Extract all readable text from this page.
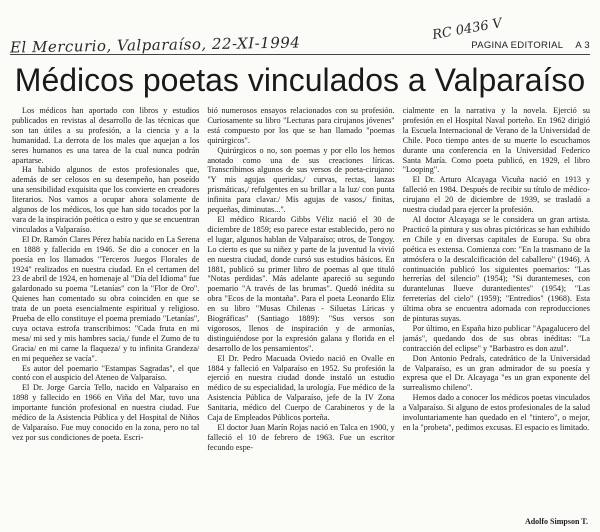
El Mercurio, Valparaíso, 22-XI-1994
RC 0436 V
PAGINA EDITORIAL A 3
Médicos poetas vinculados a Valparaíso

Los médicos han aportado con libros y estudios publicados en revistas al desarrollo de las técnicas que son tan útiles a su profesión, a la ciencia y a la humanidad. La derrota de los males que aquejan a los seres humanos es una tarea de la cual nunca podrán apartarse.

Ha habido algunos de estos profesionales que, además de ser celosos en su desempeño, han poseído una sensibilidad exquisita que los convierte en creadores literarios. Nos vamos a ocupar ahora solamente de algunos de los médicos, los que han sido tocados por la vara de la inspiración poética o estro y que se encuentran vinculados a Valparaíso.

El Dr. Ramón Clares Pérez había nacido en La Serena en 1888 y fallecido en 1946. Se dio a conocer en la poesía en los llamados "Terceros Juegos Florales de 1924" realizados en nuestra ciudad. En el certamen del 23 de abril de 1924, en homenaje al "Día del Idioma" fue galardonado su poema "Letanías" con la "Flor de Oro". Quienes han comentado su obra coinciden en que se trata de un poeta esencialmente espiritual y religioso. Prueba de ello constituye el poema premiado "Letanías", cuya octava estrofa transcribimos: "Cada fruta en mi mesa/ mi sed y mis hambres sacia,/ funde el Zumo de tu Gracia/ en mi carne la flaqueza/ y tu infinita Grandeza/ en mi pequeñez se vacía".

Es autor del poemario "Estampas Sagradas", el que contó con el auspicio del Ateneo de Valparaíso.

El Dr. Jorge García Tello, nacido en Valparaíso en 1898 y fallecido en 1966 en Viña del Mar, tuvo una importante función profesional en nuestra ciudad. Fue médico de la Asistencia Pública y del Hospital de Niños de Valparaíso. Fue muy conocido en la zona, pero no tal vez por sus condiciones de poeta. Escri-

bió numerosos ensayos relacionados con su profesión. Curiosamente su libro "Lecturas para cirujanos jóvenes" está compuesto por los que se han llamado "poemas quirúrgicos".

Quirúrgicos o no, son poemas y por ello los hemos anotado como una de sus creaciones líricas. Transcribimos algunos de sus versos de poeta-cirujano: "Y mis agujas queridas,/ curvas, rectas, lanzas prismáticas,/ refulgentes en su brillar a la luz/ con punta infinita para clavar./ Mis agujas de vasos,/ finitas, pequeñas, diminutas...".

El médico Ricardo Gibbs Véliz nació el 30 de diciembre de 1859; eso parece estar establecido, pero no el lugar, algunos hablan de Valparaíso; otros, de Tongoy. Lo cierto es que su niñez y parte de la juventud la vivió en nuestra ciudad, donde cursó sus estudios básicos. En 1881, publicó su primer libro de poemas al que tituló "Notas perdidas". Más adelante apareció su segundo poemario "A través de las brumas". Quedó inédita su obra "Ecos de la montaña". Para el poeta Leonardo Eliz en su libro "Musas Chilenas - Siluetas Líricas y Biográficas" (Santiago 1889): "Sus versos son vigorosos, llenos de inspiración y de armonías, distinguiéndose por la expresión galana y florida en el desarrollo de los pensamientos".

El Dr. Pedro Macuada Oviedo nació en Ovalle en 1884 y falleció en Valparaíso en 1952. Su profesión la ejerció en nuestra ciudad donde instaló un estudio médico de su especialidad, la urología. Fue médico de la Asistencia Pública de Valparaíso, jefe de la IV Zona Sanitaria, médico del Cuerpo de Carabineros y de la Caja de Empleados Públicos porteña.

El doctor Juan Marín Rojas nació en Talca en 1900, y falleció el 10 de febrero de 1963. Fue un escritor fecundo espe-

cialmente en la narrativa y la novela. Ejerció su profesión en el Hospital Naval porteño. En 1962 dirigió la Escuela Internacional de Verano de la Universidad de Chile. Poco tiempo antes de su muerte lo escuchamos durante una conferencia en la Universidad Federico Santa María. Como poeta publicó, en 1929, el libro "Looping".

El Dr. Arturo Alcayaga Vicuña nació en 1913 y falleció en 1984. Después de recibir su título de médico-cirujano el 20 de diciembre de 1939, se trasladó a nuestra ciudad para ejercer la profesión.

Al doctor Alcayaga se le considera un gran artista. Practicó la pintura y sus obras pictóricas se han exhibido en Chile y en diversas capitales de Europa. Su obra poética es extensa. Comienza con: "En la trasmano de la atmósfera o la descalcificación del caballero" (1946). A continuación publicó los siguientes poemarios: "Las herrerías del silencio" (1954); "Si durantemeses, con durantelunas llueve durantedientes" (1954); "Las ferreterías del cielo" (1959); "Entredios" (1968). Esta última obra se encuentra adornada con reproducciones de pinturas suyas.

Por último, en España hizo publicar "Apagalucero del jamás", quedando dos de sus obras inéditas: "La contracción del eclipse" y "Barbastro es don azul".

Don Antonio Pedrals, catedrático de la Universidad de Valparaíso, es un gran admirador de su poesía y expresa que el Dr. Alcayaga "es un gran exponente del surrealismo chileno".

Hemos dado a conocer los médicos poetas vinculados a Valparaíso. Si alguno de estos profesionales de la salud involuntariamente han quedado en el "tintero", o mejor, en la "probeta", pedimos excusas. El espacio es limitado.

Adolfo Simpson T.
